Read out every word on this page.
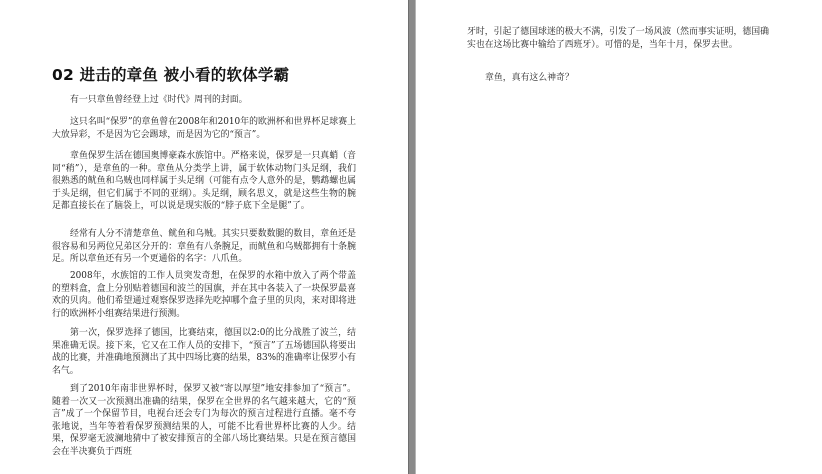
02 进击的章鱼 被小看的软体学霸

有一只章鱼曾经登上过《时代》周刊的封面。

这只名叫“保罗”的章鱼曾在2008年和2010年的欧洲杯和世界杯足球赛上大放异彩，不是因为它会踢球，而是因为它的“预言”。

章鱼保罗生活在德国奥博豪森水族馆中。严格来说，保罗是一只真蛸（音同“稍”），是章鱼的一种。章鱼从分类学上讲，属于软体动物门头足纲，我们很熟悉的鱿鱼和乌贼也同样属于头足纲（可能有点令人意外的是，鹦鹉螺也属于头足纲，但它们属于不同的亚纲）。头足纲，顾名思义，就是这些生物的腕足都直接长在了脑袋上，可以说是现实版的“脖子底下全是腿”了。

经常有人分不清楚章鱼、鱿鱼和乌贼。其实只要数数腿的数目，章鱼还是很容易和另两位兄弟区分开的：章鱼有八条腕足，而鱿鱼和乌贼都拥有十条腕足。所以章鱼还有另一个更通俗的名字：八爪鱼。

2008年，水族馆的工作人员突发奇想，在保罗的水箱中放入了两个带盖的塑料盒，盒上分别贴着德国和波兰的国旗，并在其中各装入了一块保罗最喜欢的贝肉。他们希望通过观察保罗选择先吃掉哪个盒子里的贝肉，来对即将进行的欧洲杯小组赛结果进行预测。

第一次，保罗选择了德国，比赛结束，德国以2:0的比分战胜了波兰，结果准确无误。接下来，它又在工作人员的安排下，“预言”了五场德国队将要出战的比赛，并准确地预测出了其中四场比赛的结果，83%的准确率让保罗小有名气。

到了2010年南非世界杯时，保罗又被“寄以厚望”地安排参加了“预言”。随着一次又一次预测出准确的结果，保罗在全世界的名气越来越大，它的“预言”成了一个保留节目，电视台还会专门为每次的预言过程进行直播。毫不夸张地说，当年等着看保罗预测结果的人，可能不比看世界杯比赛的人少。结果，保罗毫无波澜地猜中了被安排预言的全部八场比赛结果。只是在预言德国会在半决赛负于西班

牙时，引起了德国球迷的极大不满，引发了一场风波（然而事实证明，德国确实也在这场比赛中输给了西班牙）。可惜的是，当年十月，保罗去世。

章鱼，真有这么神奇？
